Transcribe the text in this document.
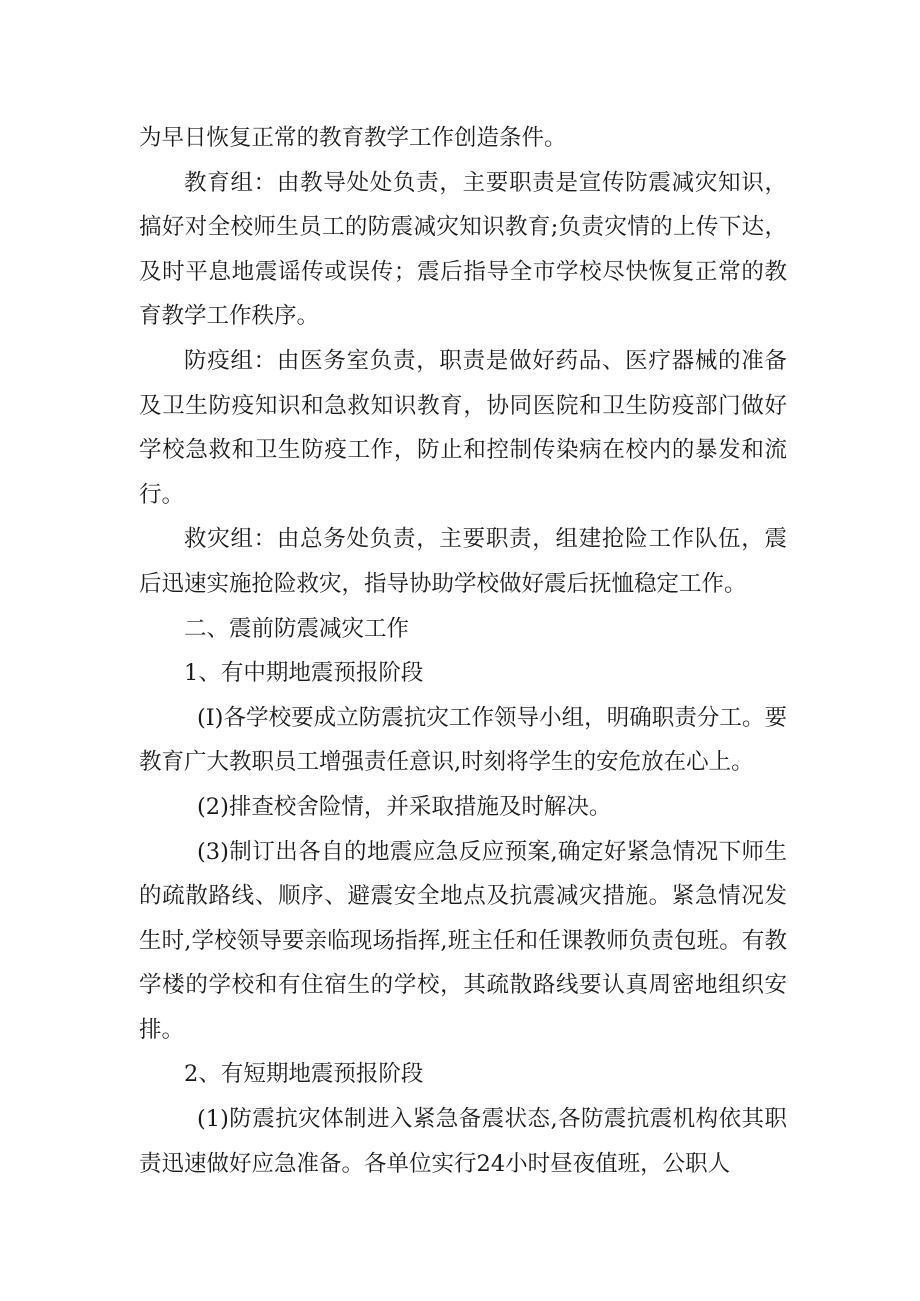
为早日恢复正常的教育教学工作创造条件。

教育组：由教导处处负责，主要职责是宣传防震减灾知识，搞好对全校师生员工的防震减灾知识教育;负责灾情的上传下达，及时平息地震谣传或误传；震后指导全市学校尽快恢复正常的教育教学工作秩序。

防疫组：由医务室负责，职责是做好药品、医疗器械的准备及卫生防疫知识和急救知识教育，协同医院和卫生防疫部门做好学校急救和卫生防疫工作，防止和控制传染病在校内的暴发和流行。

救灾组：由总务处负责，主要职责，组建抢险工作队伍，震后迅速实施抢险救灾，指导协助学校做好震后抚恤稳定工作。

二、震前防震减灾工作

1、有中期地震预报阶段

(I)各学校要成立防震抗灾工作领导小组，明确职责分工。要教育广大教职员工增强责任意识,时刻将学生的安危放在心上。

(2)排查校舍险情，并采取措施及时解决。

(3)制订出各自的地震应急反应预案,确定好紧急情况下师生的疏散路线、顺序、避震安全地点及抗震减灾措施。紧急情况发生时,学校领导要亲临现场指挥,班主任和任课教师负责包班。有教学楼的学校和有住宿生的学校，其疏散路线要认真周密地组织安排。

2、有短期地震预报阶段

(1)防震抗灾体制进入紧急备震状态,各防震抗震机构依其职责迅速做好应急准备。各单位实行24小时昼夜值班，公职人
